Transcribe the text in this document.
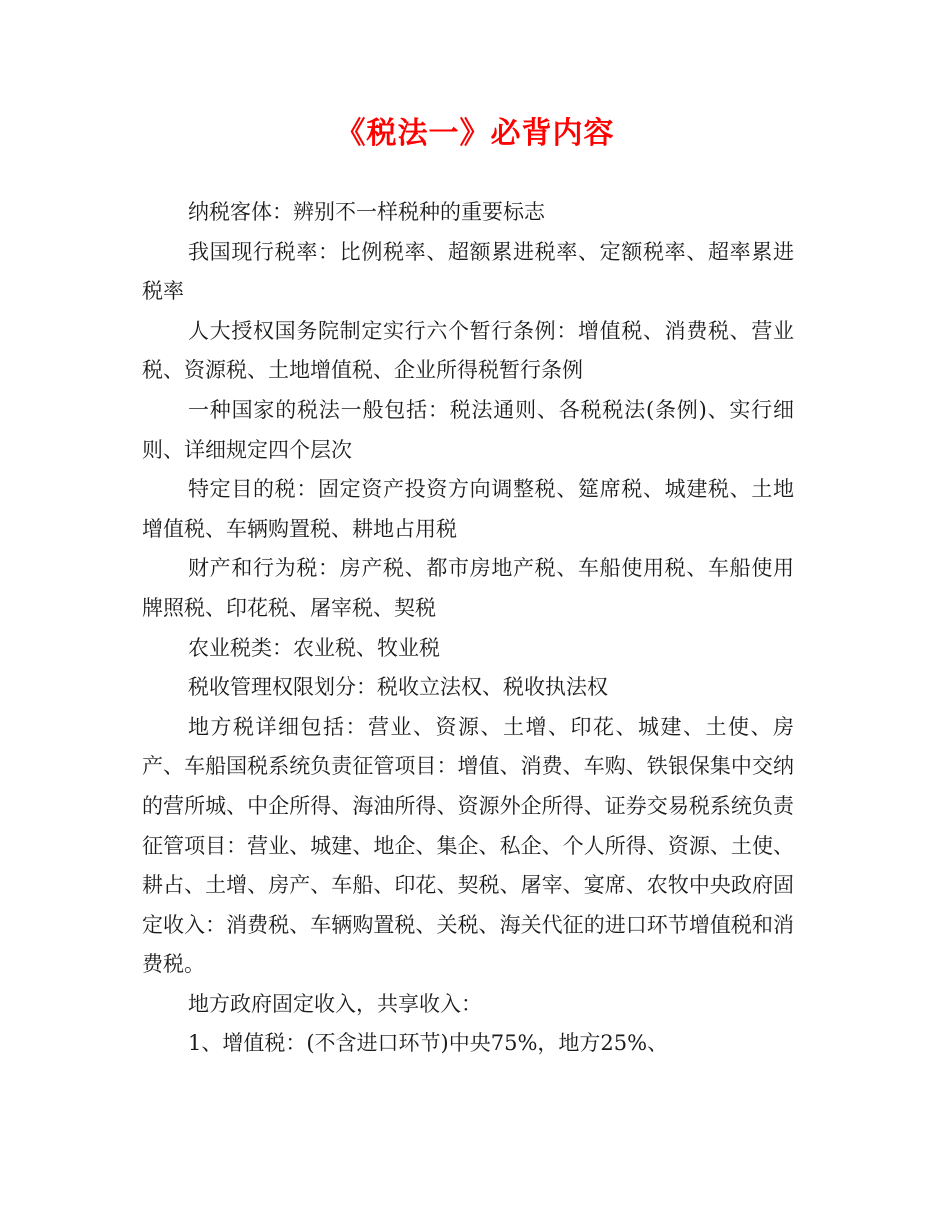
《税法一》必背内容

纳税客体：辨别不一样税种的重要标志

我国现行税率：比例税率、超额累进税率、定额税率、超率累进税率

人大授权国务院制定实行六个暂行条例：增值税、消费税、营业税、资源税、土地增值税、企业所得税暂行条例

一种国家的税法一般包括：税法通则、各税税法(条例)、实行细则、详细规定四个层次

特定目的税：固定资产投资方向调整税、筵席税、城建税、土地增值税、车辆购置税、耕地占用税

财产和行为税：房产税、都市房地产税、车船使用税、车船使用牌照税、印花税、屠宰税、契税

农业税类：农业税、牧业税

税收管理权限划分：税收立法权、税收执法权

地方税详细包括：营业、资源、土增、印花、城建、土使、房产、车船国税系统负责征管项目：增值、消费、车购、铁银保集中交纳的营所城、中企所得、海油所得、资源外企所得、证券交易税系统负责征管项目：营业、城建、地企、集企、私企、个人所得、资源、土使、耕占、土增、房产、车船、印花、契税、屠宰、宴席、农牧中央政府固定收入：消费税、车辆购置税、关税、海关代征的进口环节增值税和消费税。

地方政府固定收入，共享收入：

1、增值税：(不含进口环节)中央75%，地方25%、
